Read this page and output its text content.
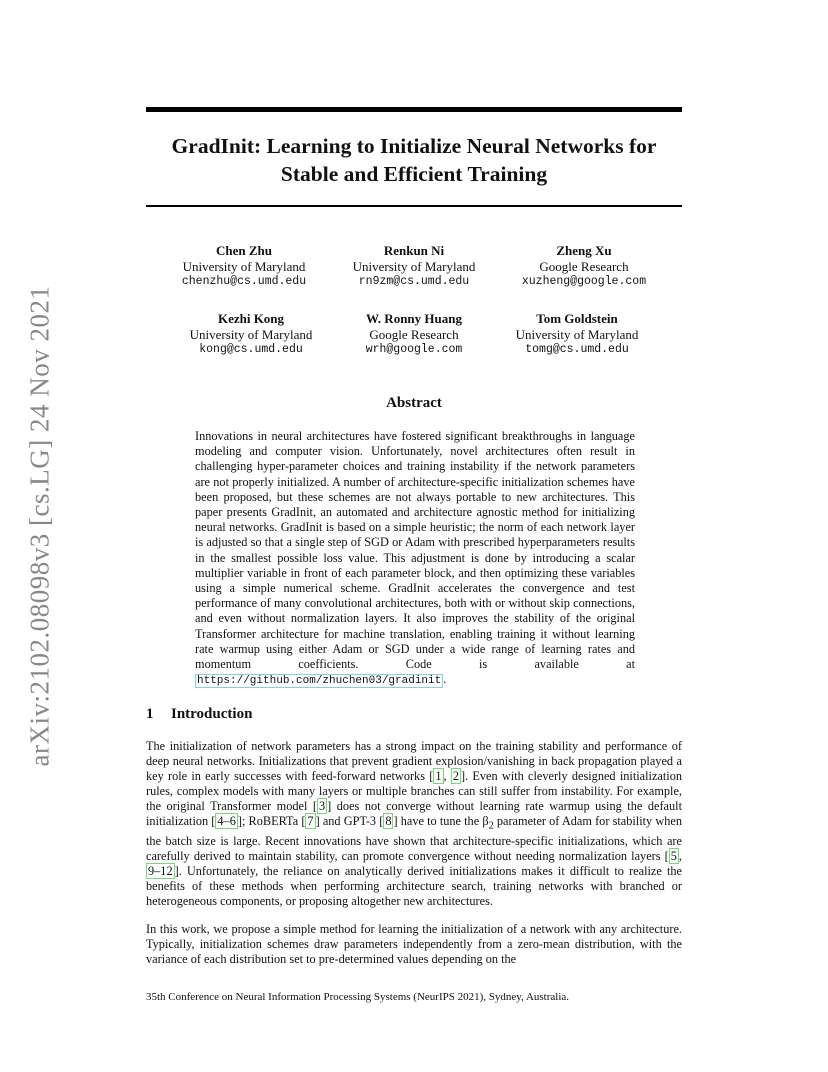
arXiv:2102.08098v3 [cs.LG] 24 Nov 2021
GradInit: Learning to Initialize Neural Networks for
Stable and Efficient Training
Chen Zhu
University of Maryland
chenzhu@cs.umd.edu
Renkun Ni
University of Maryland
rn9zm@cs.umd.edu
Zheng Xu
Google Research
xuzheng@google.com
Kezhi Kong
University of Maryland
kong@cs.umd.edu
W. Ronny Huang
Google Research
wrh@google.com
Tom Goldstein
University of Maryland
tomg@cs.umd.edu
Abstract
Innovations in neural architectures have fostered significant breakthroughs in language modeling and computer vision. Unfortunately, novel architectures often result in challenging hyper-parameter choices and training instability if the network parameters are not properly initialized. A number of architecture-specific initialization schemes have been proposed, but these schemes are not always portable to new architectures. This paper presents GradInit, an automated and architecture agnostic method for initializing neural networks. GradInit is based on a simple heuristic; the norm of each network layer is adjusted so that a single step of SGD or Adam with prescribed hyperparameters results in the smallest possible loss value. This adjustment is done by introducing a scalar multiplier variable in front of each parameter block, and then optimizing these variables using a simple numerical scheme. GradInit accelerates the convergence and test performance of many convolutional architectures, both with or without skip connections, and even without normalization layers. It also improves the stability of the original Transformer architecture for machine translation, enabling training it without learning rate warmup using either Adam or SGD under a wide range of learning rates and momentum coefficients. Code is available at https://github.com/zhuchen03/gradinit .
1 Introduction
The initialization of network parameters has a strong impact on the training stability and performance of deep neural networks. Initializations that prevent gradient explosion/vanishing in back propagation played a key role in early successes with feed-forward networks [ 1 , 2 ]. Even with cleverly designed initialization rules, complex models with many layers or multiple branches can still suffer from instability. For example, the original Transformer model [ 3 ] does not converge without learning rate warmup using the default initialization [ 4–6 ]; RoBERTa [ 7 ] and GPT-3 [ 8 ] have to tune the $\beta_2$ parameter of Adam for stability when the batch size is large. Recent innovations have shown that architecture-specific initializations, which are carefully derived to maintain stability, can promote convergence without needing normalization layers [ 5 , 9–12 ]. Unfortunately, the reliance on analytically derived initializations makes it difficult to realize the benefits of these methods when performing architecture search, training networks with branched or heterogeneous components, or proposing altogether new architectures.
In this work, we propose a simple method for learning the initialization of a network with any architecture. Typically, initialization schemes draw parameters independently from a zero-mean distribution, with the variance of each distribution set to pre-determined values depending on the
35th Conference on Neural Information Processing Systems (NeurIPS 2021), Sydney, Australia.
